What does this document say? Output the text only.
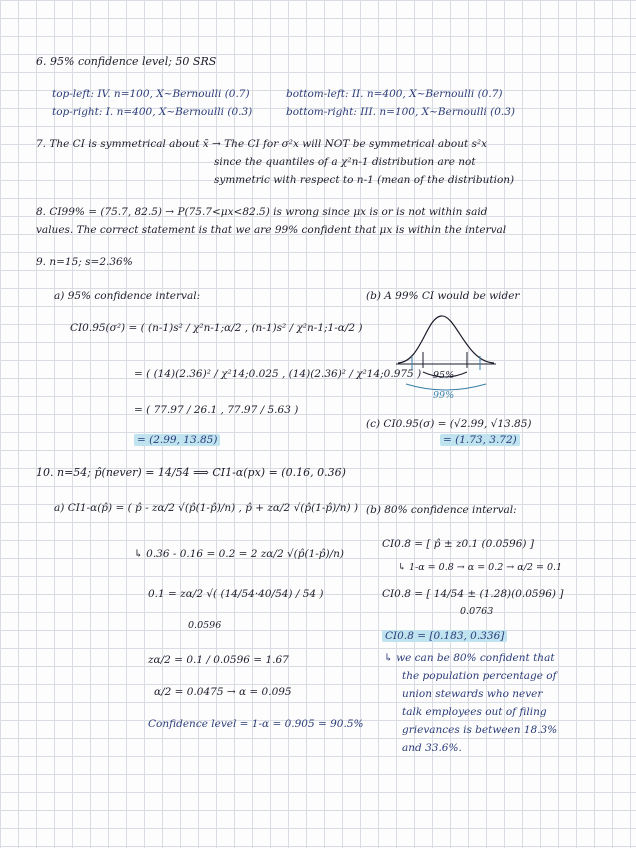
6. 95% confidence level; 50 SRS
top-left: IV. n=100, X~Bernoulli (0.7)
top-right: I. n=400, X~Bernoulli (0.3)
bottom-left: II. n=400, X~Bernoulli (0.7)
bottom-right: III. n=100, X~Bernoulli (0.3)
7. The CI is symmetrical about x̄ → The CI for σ²x will NOT be symmetrical about s²x
since the quantiles of a χ²n-1 distribution are not
symmetric with respect to n-1 (mean of the distribution)
8. CI99% = (75.7, 82.5) → P(75.7<μx<82.5) is wrong since μx is or is not within said
values. The correct statement is that we are 99% confident that μx is within the interval
9. n=15; s=2.36%
a) 95% confidence interval:
CI0.95(σ²) = ( (n-1)s² / χ²n-1;α/2 , (n-1)s² / χ²n-1;1-α/2 )
= ( (14)(2.36)² / χ²14;0.025 , (14)(2.36)² / χ²14;0.975 )
= ( 77.97 / 26.1 , 77.97 / 5.63 )
= (2.99, 13.85)
(b) A 99% CI would be wider
95%
99%
(c) CI0.95(σ) = (√2.99, √13.85)
= (1.73, 3.72)
10. n=54; p̂(never) = 14/54 ⟹ CI1-α(px) = (0.16, 0.36)
a) CI1-α(p̂) = ( p̂ - zα/2 √(p̂(1-p̂)/n) , p̂ + zα/2 √(p̂(1-p̂)/n) )
↳ 0.36 - 0.16 = 0.2 = 2 zα/2 √(p̂(1-p̂)/n)
0.1 = zα/2 √( (14/54·40/54) / 54 )
0.0596
zα/2 = 0.1 / 0.0596 = 1.67
α/2 = 0.0475 → α = 0.095
Confidence level = 1-α = 0.905 = 90.5%
(b) 80% confidence interval:
CI0.8 = [ p̂ ± z0.1 (0.0596) ]
↳ 1-α = 0.8 → α = 0.2 → α/2 = 0.1
CI0.8 = [ 14/54 ± (1.28)(0.0596) ]
0.0763
CI0.8 = [0.183, 0.336]
↳ we can be 80% confident that
the population percentage of
union stewards who never
talk employees out of filing
grievances is between 18.3%
and 33.6%.
